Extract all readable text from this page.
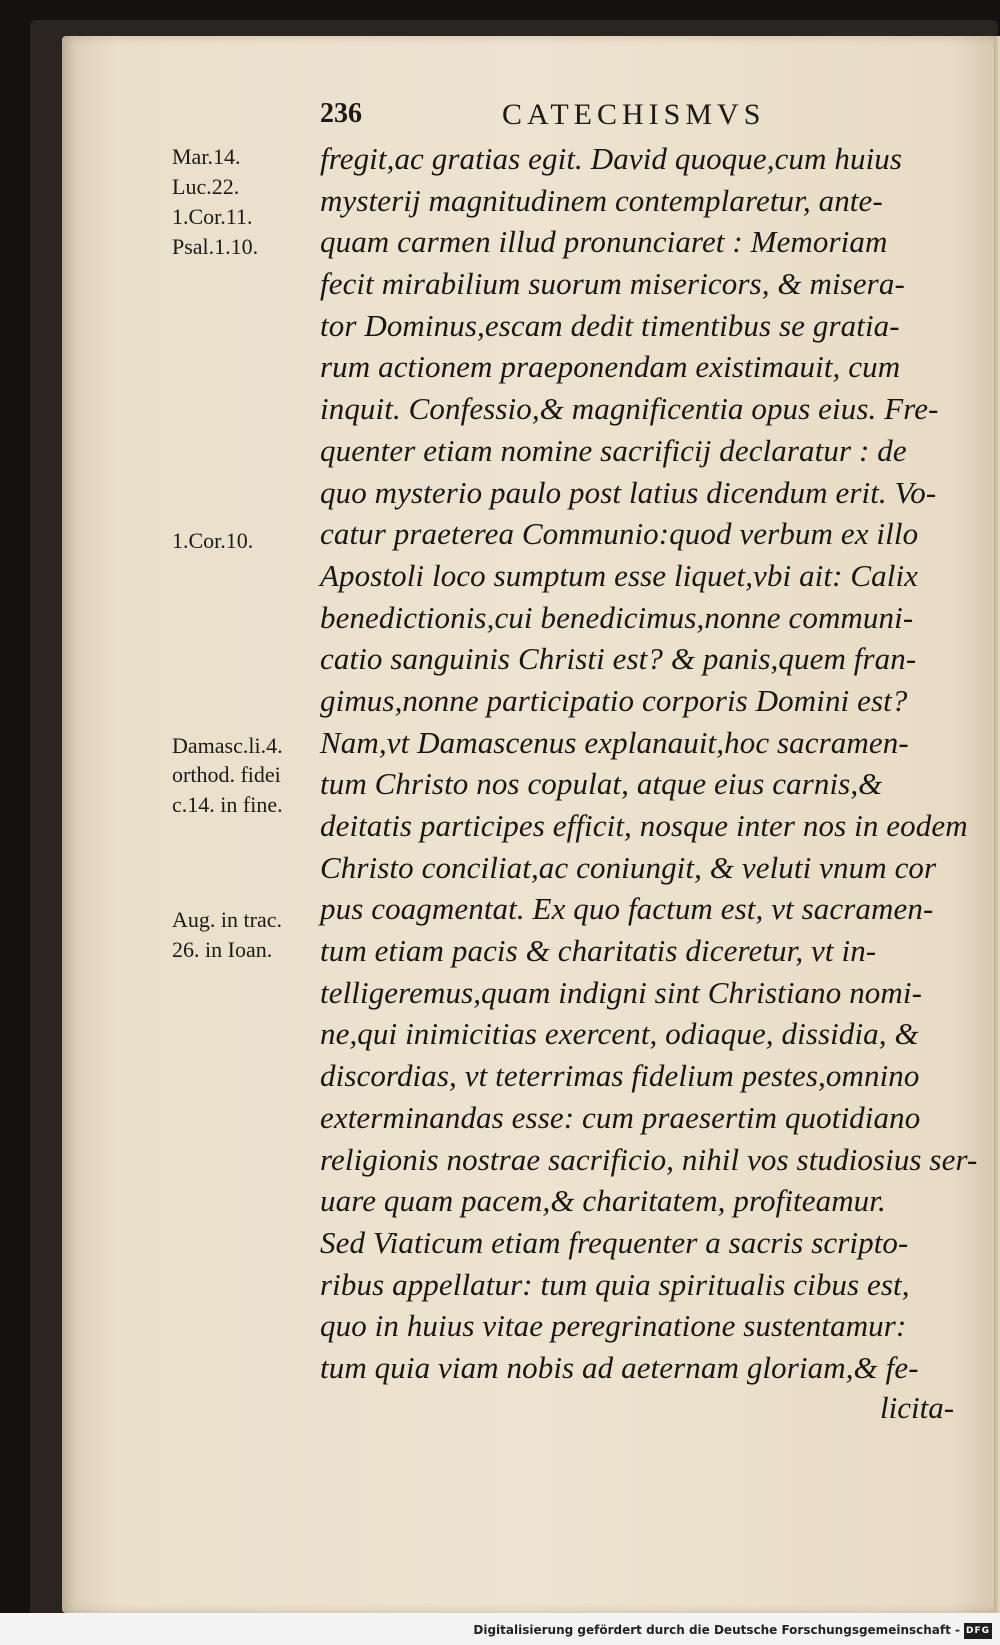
236	CATECHISMVS
Mar.14.
Luc.22.
1.Cor.11.
Psal.1.10.
1.Cor.10.
Damasc.li.4.
orthod. fidei
c.14. in fine.
Aug. in trac.
26. in Ioan.
fregit,ac gratias egit. David quoque,cum huius
mysterij magnitudinem contemplaretur, ante-
quam carmen illud pronunciaret : Memoriam
fecit mirabilium suorum misericors, & misera-
tor Dominus,escam dedit timentibus se gratia-
rum actionem praeponendam existimauit, cum
inquit. Confessio,& magnificentia opus eius. Fre-
quenter etiam nomine sacrificij declaratur : de
quo mysterio paulo post latius dicendum erit. Vo-
catur praeterea Communio:quod verbum ex illo
Apostoli loco sumptum esse liquet,vbi ait: Calix
benedictionis,cui benedicimus,nonne communi-
catio sanguinis Christi est? & panis,quem fran-
gimus,nonne participatio corporis Domini est?
Nam,vt Damascenus explanauit,hoc sacramen-
tum Christo nos copulat, atque eius carnis,&
deitatis participes efficit, nosque inter nos in eodem
Christo conciliat,ac coniungit, & veluti vnum cor
pus coagmentat. Ex quo factum est, vt sacramen-
tum etiam pacis & charitatis diceretur, vt in-
telligeremus,quam indigni sint Christiano nomi-
ne,qui inimicitias exercent, odiaque, dissidia, &
discordias, vt teterrimas fidelium pestes,omnino
exterminandas esse: cum praesertim quotidiano
religionis nostrae sacrificio, nihil vos studiosius ser-
uare quam pacem,& charitatem, profiteamur.
Sed Viaticum etiam frequenter a sacris scripto-
ribus appellatur: tum quia spiritualis cibus est,
quo in huius vitae peregrinatione sustentamur:
tum quia viam nobis ad aeternam gloriam,& fe-
licita-
Digitalisierung gefördert durch die Deutsche Forschungsgemeinschaft - DFG
